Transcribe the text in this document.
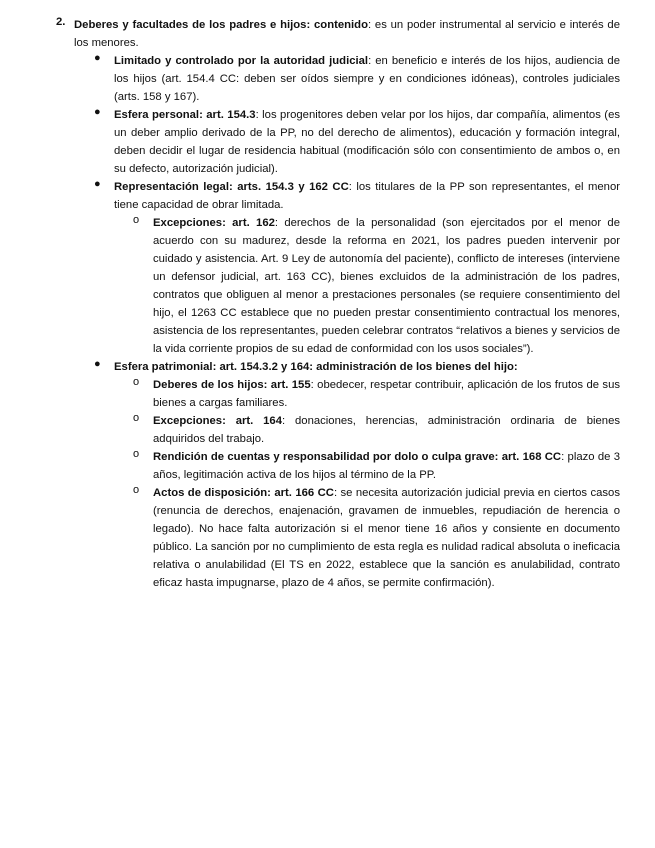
2. Deberes y facultades de los padres e hijos: contenido: es un poder instrumental al servicio e interés de los menores.

● Limitado y controlado por la autoridad judicial: en beneficio e interés de los hijos, audiencia de los hijos (art. 154.4 CC: deben ser oídos siempre y en condiciones idóneas), controles judiciales (arts. 158 y 167).

● Esfera personal: art. 154.3: los progenitores deben velar por los hijos, dar compañía, alimentos (es un deber amplio derivado de la PP, no del derecho de alimentos), educación y formación integral, deben decidir el lugar de residencia habitual (modificación sólo con consentimiento de ambos o, en su defecto, autorización judicial).

● Representación legal: arts. 154.3 y 162 CC: los titulares de la PP son representantes, el menor tiene capacidad de obrar limitada.

o Excepciones: art. 162: derechos de la personalidad (son ejercitados por el menor de acuerdo con su madurez, desde la reforma en 2021, los padres pueden intervenir por cuidado y asistencia. Art. 9 Ley de autonomía del paciente), conflicto de intereses (interviene un defensor judicial, art. 163 CC), bienes excluidos de la administración de los padres, contratos que obliguen al menor a prestaciones personales (se requiere consentimiento del hijo, el 1263 CC establece que no pueden prestar consentimiento contractual los menores, asistencia de los representantes, pueden celebrar contratos “relativos a bienes y servicios de la vida corriente propios de su edad de conformidad con los usos sociales”).

● Esfera patrimonial: art. 154.3.2 y 164: administración de los bienes del hijo:

o Deberes de los hijos: art. 155: obedecer, respetar contribuir, aplicación de los frutos de sus bienes a cargas familiares.

o Excepciones: art. 164: donaciones, herencias, administración ordinaria de bienes adquiridos del trabajo.

o Rendición de cuentas y responsabilidad por dolo o culpa grave: art. 168 CC: plazo de 3 años, legitimación activa de los hijos al término de la PP.

o Actos de disposición: art. 166 CC: se necesita autorización judicial previa en ciertos casos (renuncia de derechos, enajenación, gravamen de inmuebles, repudiación de herencia o legado). No hace falta autorización si el menor tiene 16 años y consiente en documento público. La sanción por no cumplimiento de esta regla es nulidad radical absoluta o ineficacia relativa o anulabilidad (El TS en 2022, establece que la sanción es anulabilidad, contrato eficaz hasta impugnarse, plazo de 4 años, se permite confirmación).
